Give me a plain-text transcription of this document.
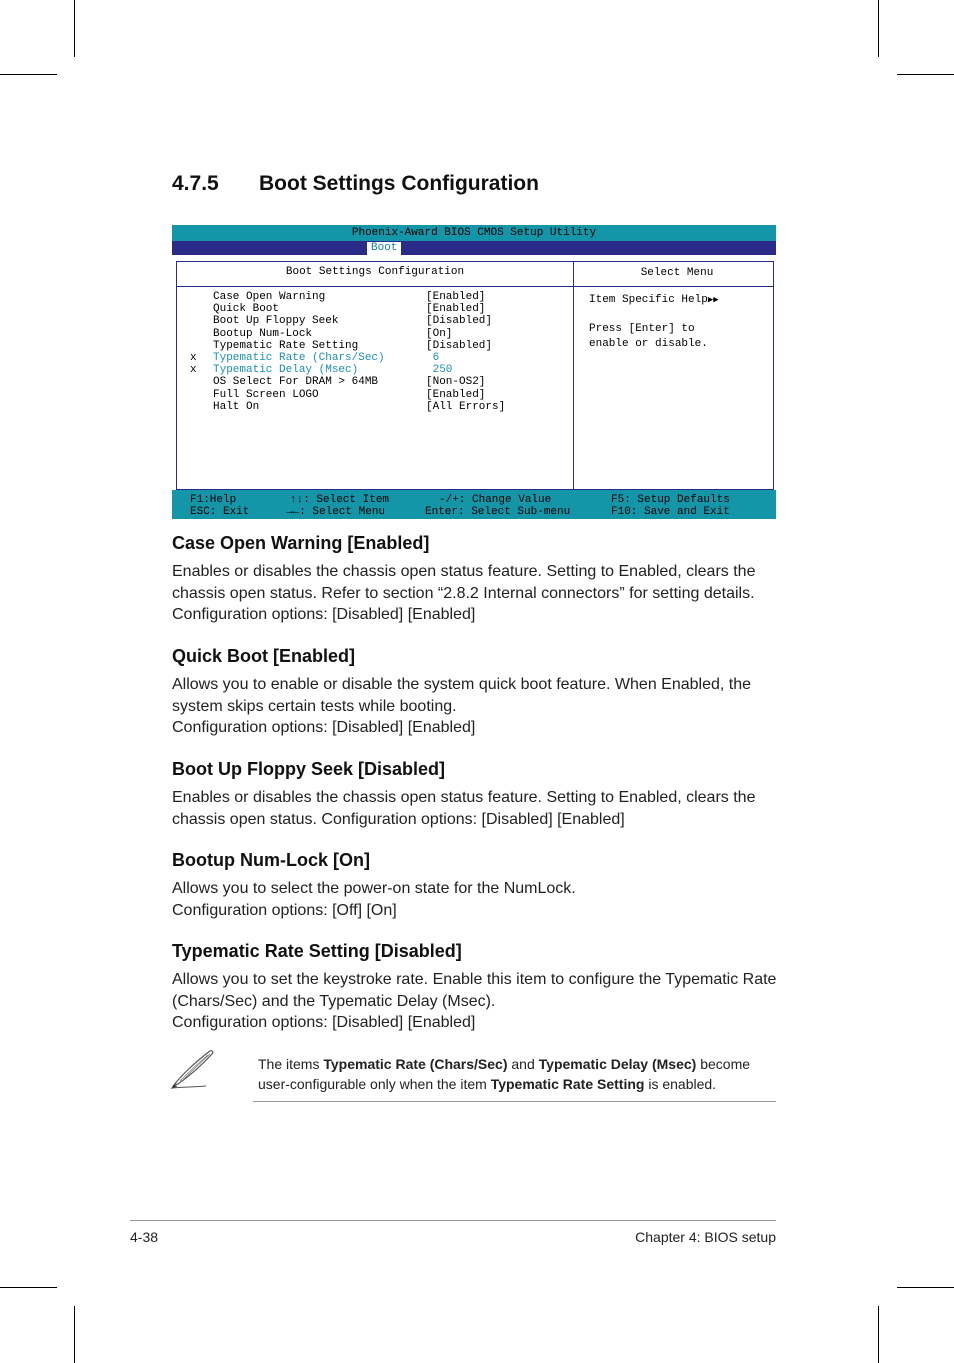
4.7.5 Boot Settings Configuration
Phoenix-Award BIOS CMOS Setup Utility
Boot
Boot Settings Configuration	Select Menu
Case Open Warning	[Enabled]
Quick Boot	[Enabled]
Boot Up Floppy Seek	[Disabled]
Bootup Num-Lock	[On]
Typematic Rate Setting	[Disabled]
x Typematic Rate (Chars/Sec)	6
x Typematic Delay (Msec)	250
OS Select For DRAM > 64MB	[Non-OS2]
Full Screen LOGO	[Enabled]
Halt On	[All Errors]
Item Specific Help▶▶
Press [Enter] to
enable or disable.
F1:Help
ESC: Exit
↑↓: Select Item
→←: Select Menu
-/+: Change Value
Enter: Select Sub-menu
F5: Setup Defaults
F10: Save and Exit
Case Open Warning [Enabled]

Enables or disables the chassis open status feature. Setting to Enabled, clears the chassis open status. Refer to section “2.8.2 Internal connectors” for setting details.

Configuration options: [Disabled] [Enabled]

Quick Boot [Enabled]

Allows you to enable or disable the system quick boot feature. When Enabled, the system skips certain tests while booting.

Configuration options: [Disabled] [Enabled]

Boot Up Floppy Seek [Disabled]

Enables or disables the chassis open status feature. Setting to Enabled, clears the chassis open status. Configuration options: [Disabled] [Enabled]

Bootup Num-Lock [On]

Allows you to select the power-on state for the NumLock.

Configuration options: [Off] [On]

Typematic Rate Setting [Disabled]

Allows you to set the keystroke rate. Enable this item to configure the Typematic Rate (Chars/Sec) and the Typematic Delay (Msec).

Configuration options: [Disabled] [Enabled]

The items Typematic Rate (Chars/Sec) and Typematic Delay (Msec) become user-configurable only when the item Typematic Rate Setting is enabled.
4-38	Chapter 4: BIOS setup
